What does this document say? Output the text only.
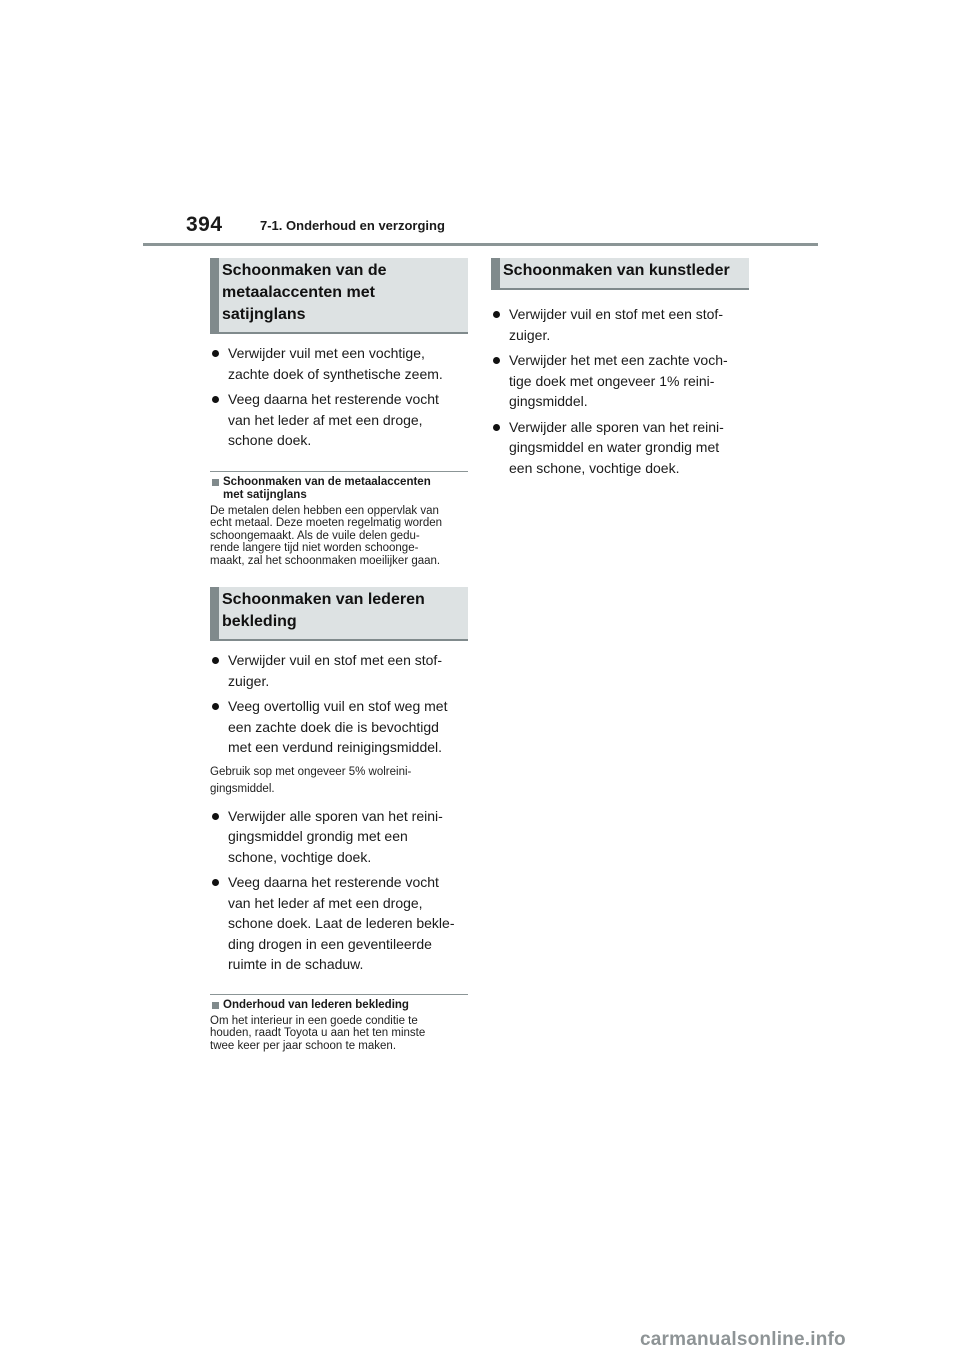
394	7-1. Onderhoud en verzorging
Schoonmaken van de
metaalaccenten met
satijnglans
Verwijder vuil met een vochtige,
zachte doek of synthetische zeem.
Veeg daarna het resterende vocht
van het leder af met een droge,
schone doek.
Schoonmaken van de metaalaccenten
met satijnglans
De metalen delen hebben een oppervlak van
echt metaal. Deze moeten regelmatig worden
schoongemaakt. Als de vuile delen gedu-
rende langere tijd niet worden schoonge-
maakt, zal het schoonmaken moeilijker gaan.
Schoonmaken van lederen
bekleding
Verwijder vuil en stof met een stof-
zuiger.
Veeg overtollig vuil en stof weg met
een zachte doek die is bevochtigd
met een verdund reinigingsmiddel.
Gebruik sop met ongeveer 5% wolreini-
gingsmiddel.
Verwijder alle sporen van het reini-
gingsmiddel grondig met een
schone, vochtige doek.
Veeg daarna het resterende vocht
van het leder af met een droge,
schone doek. Laat de lederen bekle-
ding drogen in een geventileerde
ruimte in de schaduw.
Onderhoud van lederen bekleding
Om het interieur in een goede conditie te
houden, raadt Toyota u aan het ten minste
twee keer per jaar schoon te maken.
Schoonmaken van kunstleder
Verwijder vuil en stof met een stof-
zuiger.
Verwijder het met een zachte voch-
tige doek met ongeveer 1% reini-
gingsmiddel.
Verwijder alle sporen van het reini-
gingsmiddel en water grondig met
een schone, vochtige doek.
carmanualsonline.info
